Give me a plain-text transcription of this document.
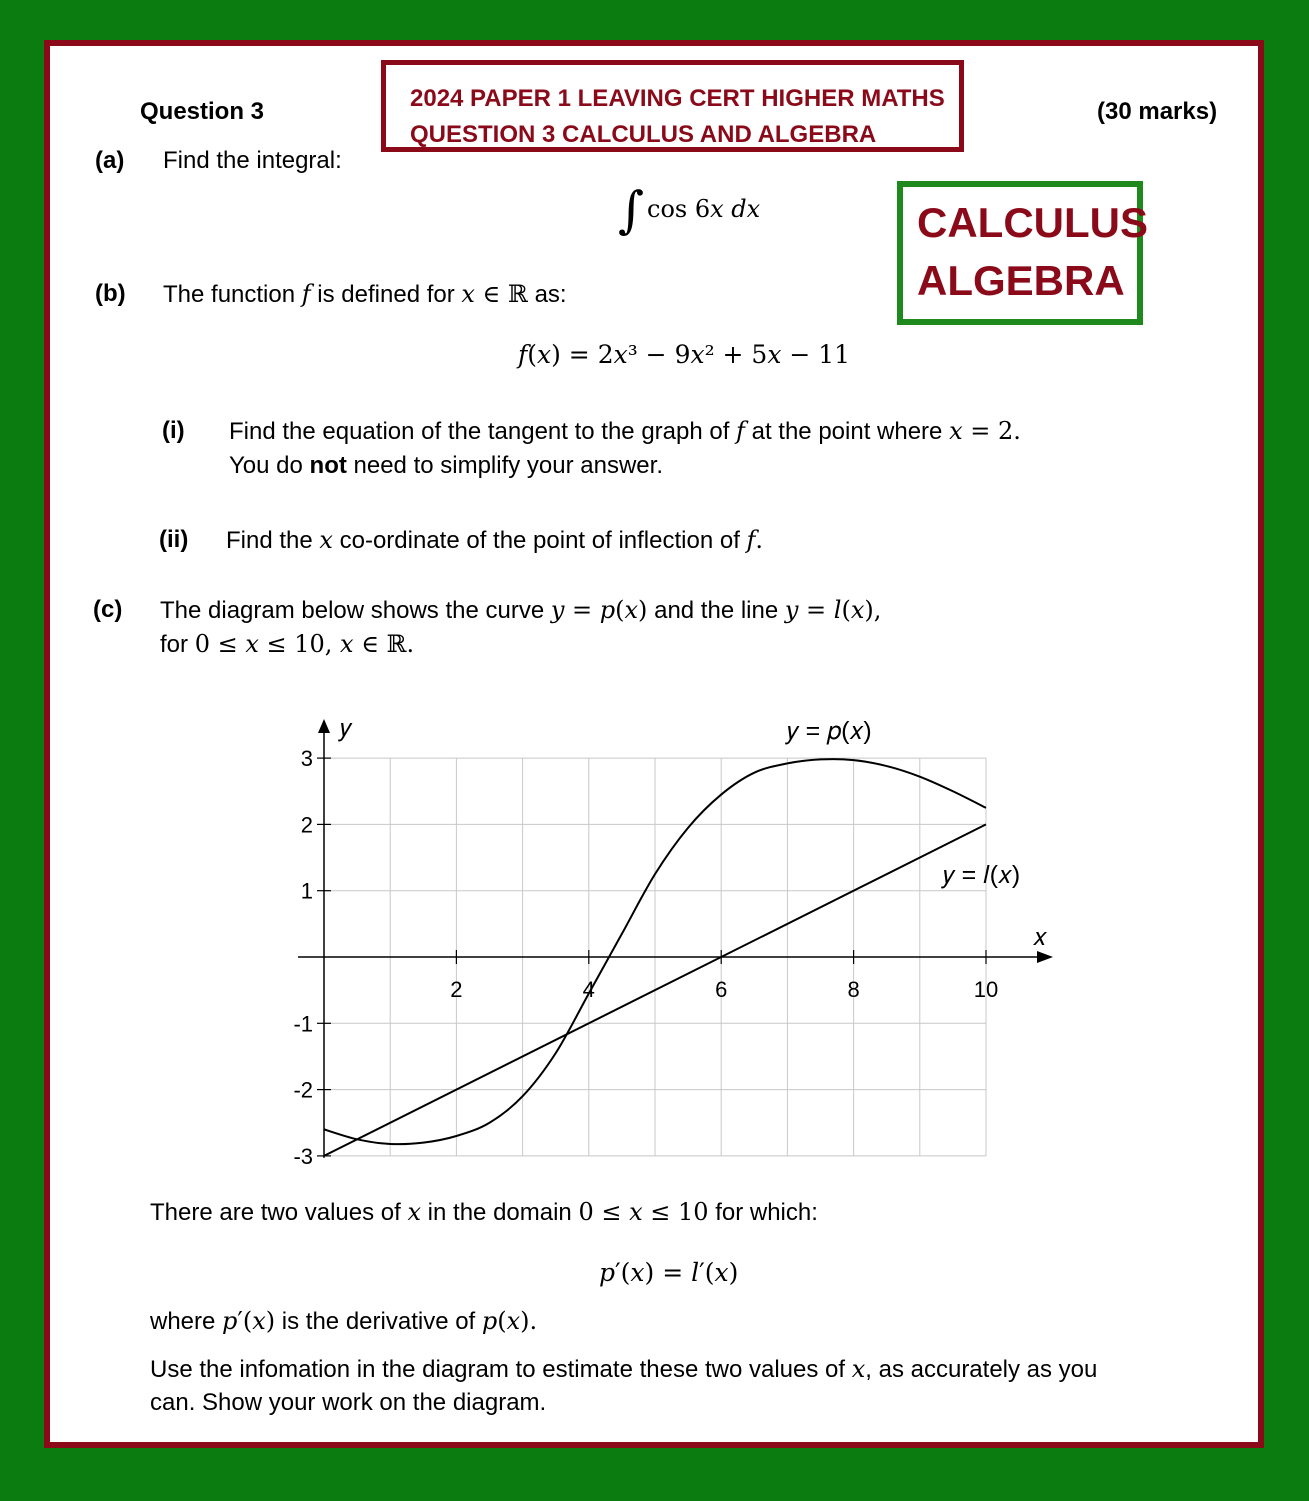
Question 3	(30 marks)
2024 PAPER 1 LEAVING CERT HIGHER MATHS
QUESTION 3 CALCULUS AND ALGEBRA
CALCULUS
ALGEBRA
(a) Find the integral:
∫ cos 6𝑥 𝑑𝑥
(b) The function 𝑓 is defined for 𝑥 ∈ ℝ as:
𝑓(𝑥) = 2𝑥³ − 9𝑥² + 5𝑥 − 11
(i) Find the equation of the tangent to the graph of 𝑓 at the point where 𝑥 = 2.
You do not need to simplify your answer.
(ii) Find the 𝑥 co-ordinate of the point of inflection of 𝑓.
(c) The diagram below shows the curve 𝑦 = 𝑝(𝑥) and the line 𝑦 = 𝑙(𝑥),
for 0 ≤ 𝑥 ≤ 10, 𝑥 ∈ ℝ.
2	4	6	8	10
3
2
1
-1
-2
-3
𝑦 = 𝑝(𝑥)
𝑦 = 𝑙(𝑥)
𝑥
𝑦
There are two values of 𝑥 in the domain 0 ≤ 𝑥 ≤ 10 for which:
𝑝′(𝑥) = 𝑙′(𝑥)
where 𝑝′(𝑥) is the derivative of 𝑝(𝑥).
Use the infomation in the diagram to estimate these two values of 𝑥, as accurately as you
can. Show your work on the diagram.
